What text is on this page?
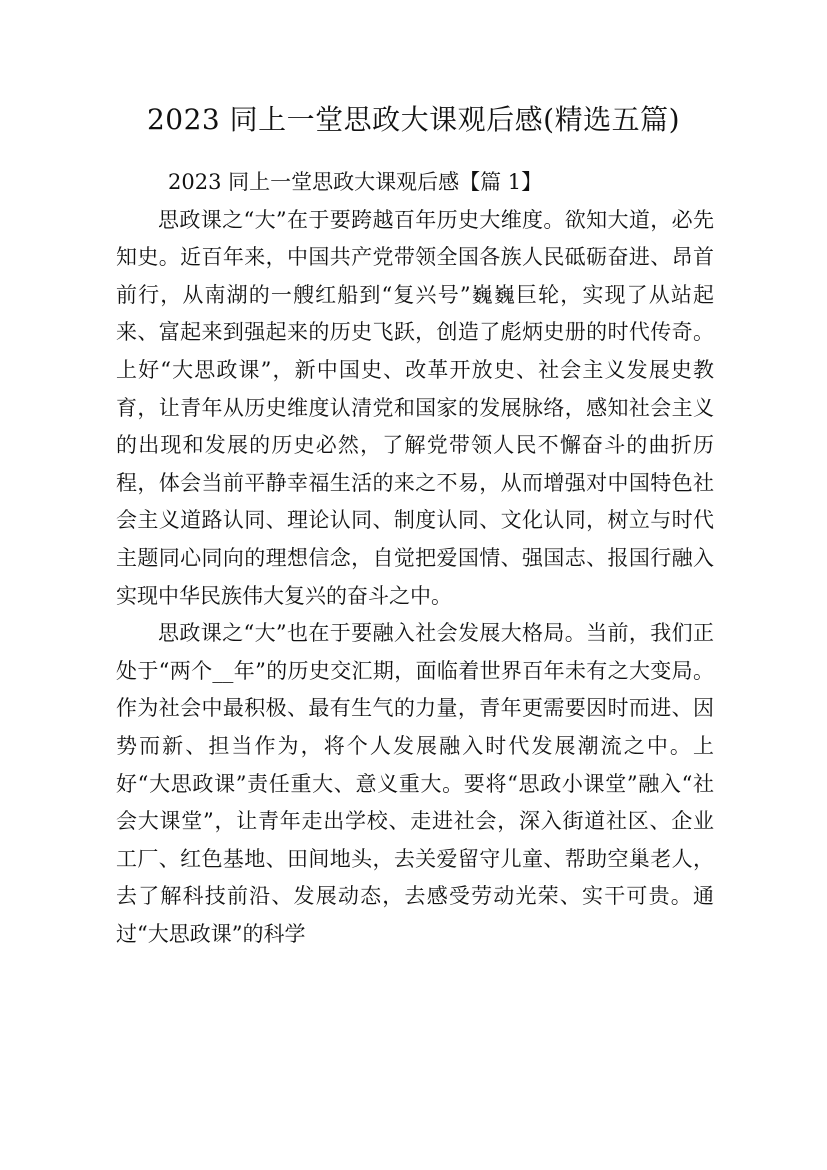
2023 同上一堂思政大课观后感(精选五篇)
2023 同上一堂思政大课观后感【篇 1】

思政课之“大”在于要跨越百年历史大维度。欲知大道，必先知史。近百年来，中国共产党带领全国各族人民砥砺奋进、昂首前行，从南湖的一艘红船到“复兴号”巍巍巨轮，实现了从站起来、富起来到强起来的历史飞跃，创造了彪炳史册的时代传奇。上好“大思政课”，新中国史、改革开放史、社会主义发展史教育，让青年从历史维度认清党和国家的发展脉络，感知社会主义的出现和发展的历史必然，了解党带领人民不懈奋斗的曲折历程，体会当前平静幸福生活的来之不易，从而增强对中国特色社会主义道路认同、理论认同、制度认同、文化认同，树立与时代主题同心同向的理想信念，自觉把爱国情、强国志、报国行融入实现中华民族伟大复兴的奋斗之中。

思政课之“大”也在于要融入社会发展大格局。当前，我们正处于“两个__年”的历史交汇期，面临着世界百年未有之大变局。作为社会中最积极、最有生气的力量，青年更需要因时而进、因势而新、担当作为，将个人发展融入时代发展潮流之中。上好“大思政课”责任重大、意义重大。要将“思政小课堂”融入“社会大课堂”，让青年走出学校、走进社会，深入街道社区、企业工厂、红色基地、田间地头，去关爱留守儿童、帮助空巢老人，去了解科技前沿、发展动态，去感受劳动光荣、实干可贵。通过“大思政课”的科学
